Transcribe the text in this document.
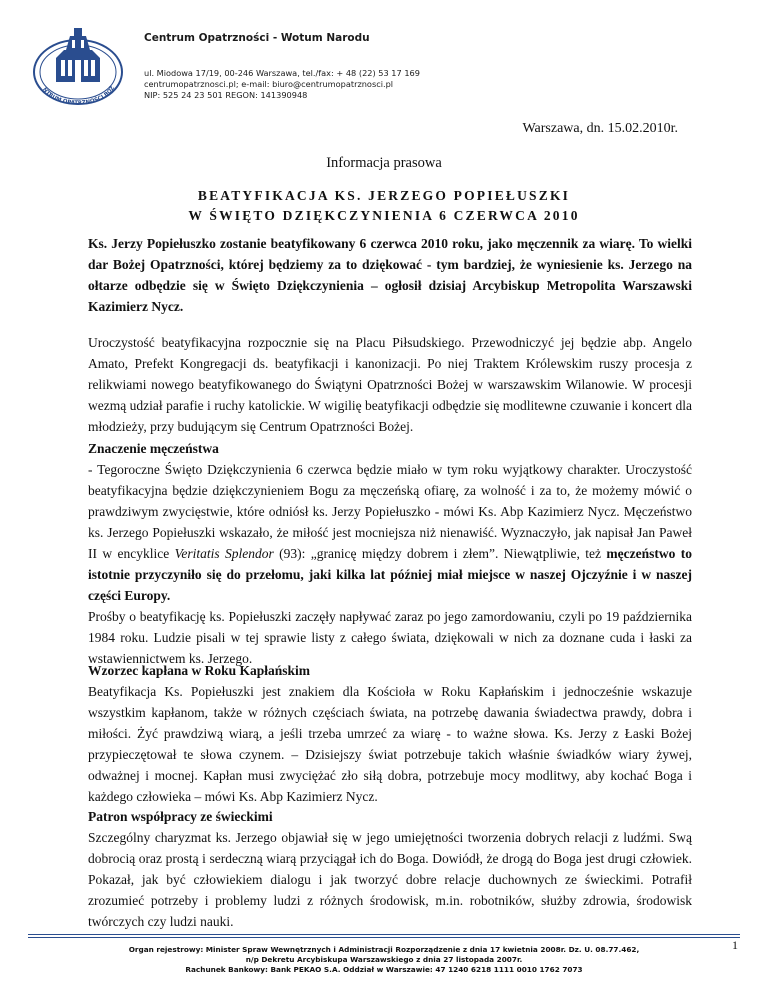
NTRUM OPATRZNOŚCI BOŻ
Centrum Opatrzności - Wotum Narodu
ul. Miodowa 17/19, 00-246 Warszawa, tel./fax: + 48 (22) 53 17 169
centrumopatrznosci.pl; e-mail: biuro@centrumopatrznosci.pl
NIP: 525 24 23 501 REGON: 141390948
Warszawa, dn. 15.02.2010r.
Informacja prasowa
BEATYFIKACJA KS. JERZEGO POPIEŁUSZKI
W ŚWIĘTO DZIĘKCZYNIENIA 6 CZERWCA 2010
Ks. Jerzy Popiełuszko zostanie beatyfikowany 6 czerwca 2010 roku, jako męczennik za wiarę. To wielki dar Bożej Opatrzności, której będziemy za to dziękować - tym bardziej, że wyniesienie ks. Jerzego na ołtarze odbędzie się w Święto Dziękczynienia – ogłosił dzisiaj Arcybiskup Metropolita Warszawski Kazimierz Nycz.
Uroczystość beatyfikacyjna rozpocznie się na Placu Piłsudskiego. Przewodniczyć jej będzie abp. Angelo Amato, Prefekt Kongregacji ds. beatyfikacji i kanonizacji. Po niej Traktem Królewskim ruszy procesja z relikwiami nowego beatyfikowanego do Świątyni Opatrzności Bożej w warszawskim Wilanowie. W procesji wezmą udział parafie i ruchy katolickie. W wigilię beatyfikacji odbędzie się modlitewne czuwanie i koncert dla młodzieży, przy budującym się Centrum Opatrzności Bożej.
Znaczenie męczeństwa

- Tegoroczne Święto Dziękczynienia 6 czerwca będzie miało w tym roku wyjątkowy charakter. Uroczystość beatyfikacyjna będzie dziękczynieniem Bogu za męczeńską ofiarę, za wolność i za to, że możemy mówić o prawdziwym zwycięstwie, które odniósł ks. Jerzy Popiełuszko - mówi Ks. Abp Kazimierz Nycz. Męczeństwo ks. Jerzego Popiełuszki wskazało, że miłość jest mocniejsza niż nienawiść. Wyznaczyło, jak napisał Jan Paweł II w encyklice Veritatis Splendor (93): „granicę między dobrem i złem”. Niewątpliwie, też męczeństwo to istotnie przyczyniło się do przełomu, jaki kilka lat później miał miejsce w naszej Ojczyźnie i w naszej części Europy.

Prośby o beatyfikację ks. Popiełuszki zaczęły napływać zaraz po jego zamordowaniu, czyli po 19 października 1984 roku. Ludzie pisali w tej sprawie listy z całego świata, dziękowali w nich za doznane cuda i łaski za wstawiennictwem ks. Jerzego.

Wzorzec kapłana w Roku Kapłańskim

Beatyfikacja Ks. Popiełuszki jest znakiem dla Kościoła w Roku Kapłańskim i jednocześnie wskazuje wszystkim kapłanom, także w różnych częściach świata, na potrzebę dawania świadectwa prawdy, dobra i miłości. Żyć prawdziwą wiarą, a jeśli trzeba umrzeć za wiarę - to ważne słowa. Ks. Jerzy z Łaski Bożej przypieczętował te słowa czynem. – Dzisiejszy świat potrzebuje takich właśnie świadków wiary żywej, odważnej i mocnej. Kapłan musi zwyciężać zło siłą dobra, potrzebuje mocy modlitwy, aby kochać Boga i każdego człowieka – mówi Ks. Abp Kazimierz Nycz.

Patron współpracy ze świeckimi

Szczególny charyzmat ks. Jerzego objawiał się w jego umiejętności tworzenia dobrych relacji z ludźmi. Swą dobrocią oraz prostą i serdeczną wiarą przyciągał ich do Boga. Dowiódł, że drogą do Boga jest drugi człowiek. Pokazał, jak być człowiekiem dialogu i jak tworzyć dobre relacje duchownych ze świeckimi. Potrafił zrozumieć potrzeby i problemy ludzi z różnych środowisk, m.in. robotników, służby zdrowia, środowisk twórczych czy ludzi nauki.

1
Organ rejestrowy: Minister Spraw Wewnętrznych i Administracji Rozporządzenie z dnia 17 kwietnia 2008r. Dz. U. 08.77.462,
n/p Dekretu Arcybiskupa Warszawskiego z dnia 27 listopada 2007r.
Rachunek Bankowy: Bank PEKAO S.A. Oddział w Warszawie: 47 1240 6218 1111 0010 1762 7073
